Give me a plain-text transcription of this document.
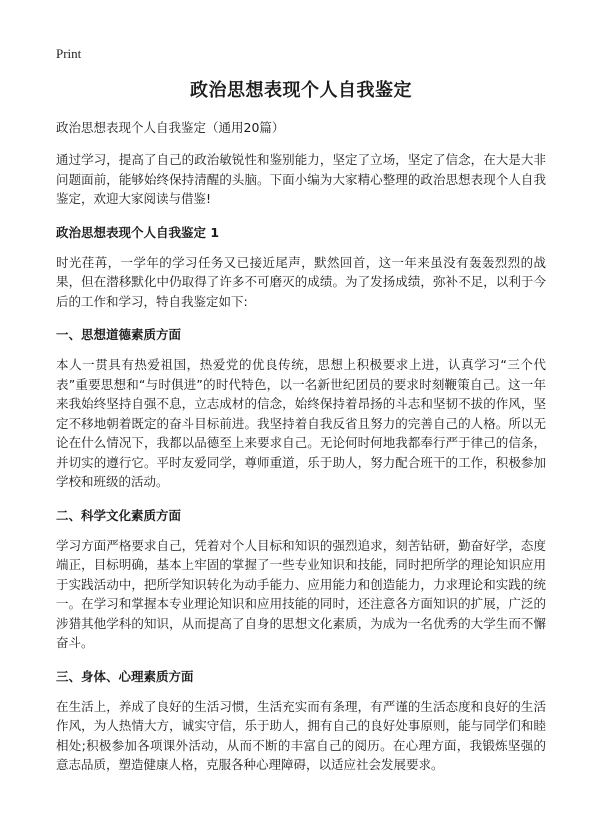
Print
政治思想表现个人自我鉴定

政治思想表现个人自我鉴定（通用20篇）

通过学习，提高了自己的政治敏锐性和鉴别能力，坚定了立场，坚定了信念，在大是大非问题面前，能够始终保持清醒的头脑。下面小编为大家精心整理的政治思想表现个人自我鉴定，欢迎大家阅读与借鉴!

政治思想表现个人自我鉴定 1

时光荏苒，一学年的学习任务又已接近尾声，默然回首，这一年来虽没有轰轰烈烈的战果，但在潜移默化中仍取得了许多不可磨灭的成绩。为了发扬成绩，弥补不足，以利于今后的工作和学习，特自我鉴定如下:

一、思想道德素质方面

本人一贯具有热爱祖国，热爱党的优良传统，思想上积极要求上进，认真学习“三个代表”重要思想和“与时俱进”的时代特色，以一名新世纪团员的要求时刻鞭策自己。这一年来我始终坚持自强不息，立志成材的信念，始终保持着昂扬的斗志和坚韧不拔的作风，坚定不移地朝着既定的奋斗目标前进。我坚持着自我反省且努力的完善自己的人格。所以无论在什么情况下，我都以品德至上来要求自己。无论何时何地我都奉行严于律己的信条，并切实的遵行它。平时友爱同学，尊师重道，乐于助人，努力配合班干的工作，积极参加学校和班级的活动。

二、科学文化素质方面

学习方面严格要求自己，凭着对个人目标和知识的强烈追求，刻苦钻研，勤奋好学，态度端正，目标明确，基本上牢固的掌握了一些专业知识和技能，同时把所学的理论知识应用于实践活动中，把所学知识转化为动手能力、应用能力和创造能力，力求理论和实践的统一。在学习和掌握本专业理论知识和应用技能的同时，还注意各方面知识的扩展，广泛的涉猎其他学科的知识，从而提高了自身的思想文化素质，为成为一名优秀的大学生而不懈奋斗。

三、身体、心理素质方面

在生活上，养成了良好的生活习惯，生活充实而有条理，有严谨的生活态度和良好的生活作风，为人热情大方，诚实守信，乐于助人，拥有自己的良好处事原则，能与同学们和睦相处;积极参加各项课外活动，从而不断的丰富自己的阅历。在心理方面，我锻炼坚强的意志品质，塑造健康人格，克服各种心理障碍，以适应社会发展要求。
